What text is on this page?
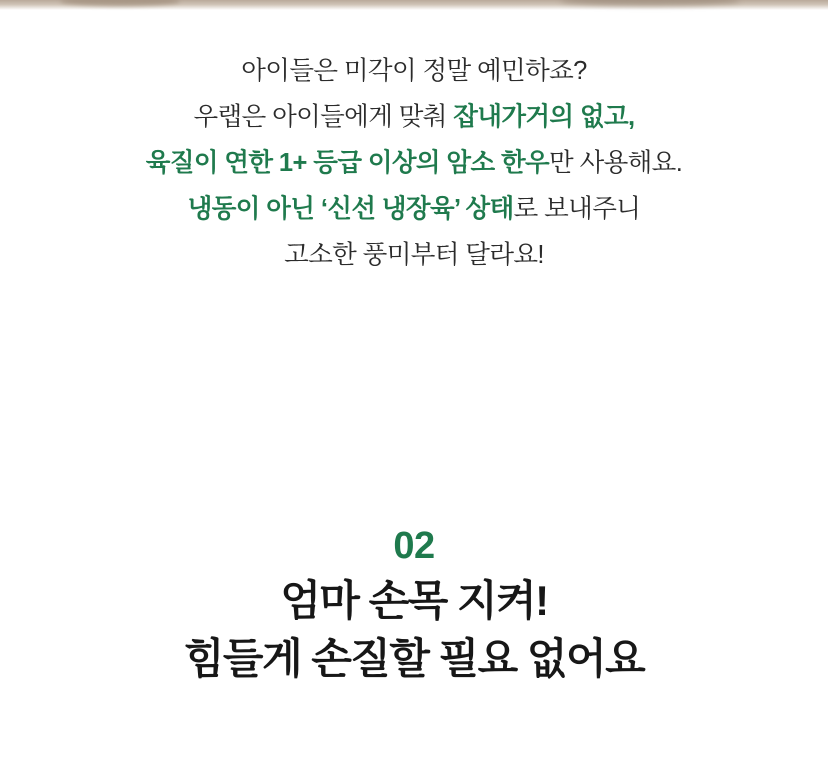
아이들은 미각이 정말 예민하죠?
우랩은 아이들에게 맞춰 잡내가거의 없고,
육질이 연한 1+ 등급 이상의 암소 한우만 사용해요.
냉동이 아닌 ‘신선 냉장육’ 상태로 보내주니
고소한 풍미부터 달라요!
02
엄마 손목 지켜!
힘들게 손질할 필요 없어요
